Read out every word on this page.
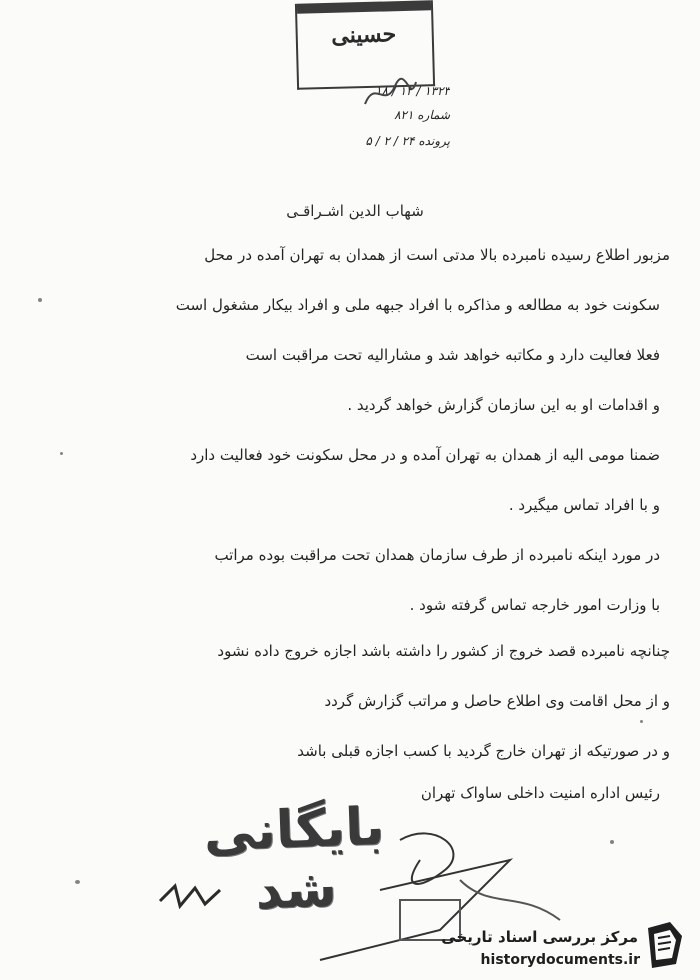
حسینی
۱۳۲۳ / ۱۲ / ۱۸
شماره ۸۲۱
پرونده ۲۴ / ۲ / ۵
شهاب الدین اشـراقـی
مزبور اطلاع رسیده نامبرده بالا مدتی است از همدان به تهران آمده در محل
سکونت خود به مطالعه و مذاکره با افراد جبهه ملی و افراد بیکار مشغول است
فعلا فعالیت دارد و مکاتبه خواهد شد و مشارالیه تحت مراقبت است
و اقدامات او به این سازمان گزارش خواهد گردید .
ضمنا مومی الیه از همدان به تهران آمده و در محل سکونت خود فعالیت دارد
و با افراد تماس میگیرد .
در مورد اینکه نامبرده از طرف سازمان همدان تحت مراقبت بوده مراتب
با وزارت امور خارجه تماس گرفته شود .
چنانچه نامبرده قصد خروج از کشور را داشته باشد اجازه خروج داده نشود
و از محل اقامت وی اطلاع حاصل و مراتب گزارش گردد
و در صورتیکه از تهران خارج گردید با کسب اجازه قبلی باشد
رئیس اداره امنیت داخلی ساواک تهران
بایگانی شد
مرکز بررسی اسناد تاریخی
historydocuments.ir
